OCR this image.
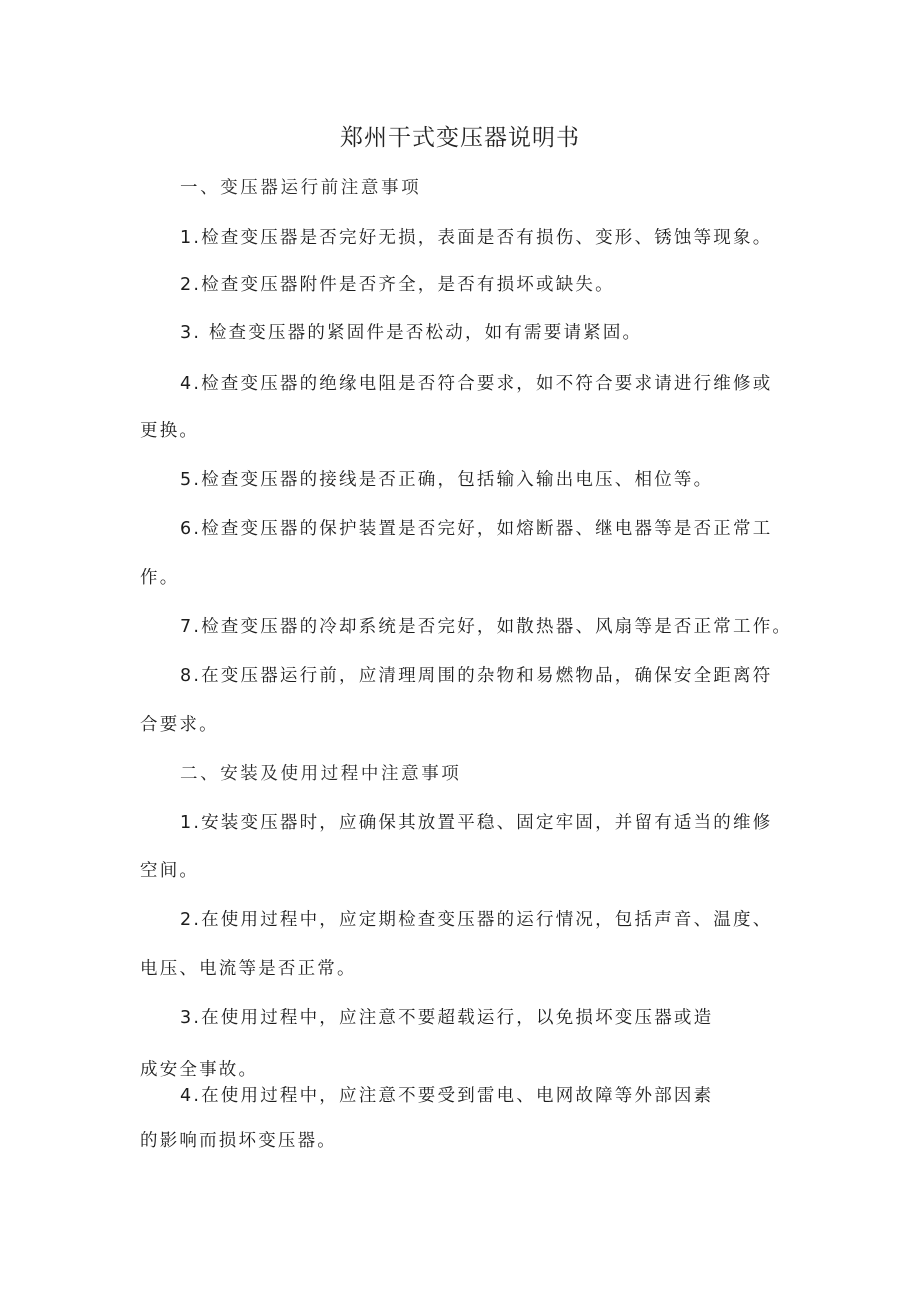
郑州干式变压器说明书
一、变压器运行前注意事项
1.检查变压器是否完好无损，表面是否有损伤、变形、锈蚀等现象。
2.检查变压器附件是否齐全，是否有损坏或缺失。
3. 检查变压器的紧固件是否松动，如有需要请紧固。
4.检查变压器的绝缘电阻是否符合要求，如不符合要求请进行维修或
更换。
5.检查变压器的接线是否正确，包括输入输出电压、相位等。
6.检查变压器的保护装置是否完好，如熔断器、继电器等是否正常工
作。
7.检查变压器的冷却系统是否完好，如散热器、风扇等是否正常工作。
8.在变压器运行前，应清理周围的杂物和易燃物品，确保安全距离符
合要求。
二、安装及使用过程中注意事项
1.安装变压器时，应确保其放置平稳、固定牢固，并留有适当的维修
空间。
2.在使用过程中，应定期检查变压器的运行情况，包括声音、温度、
电压、电流等是否正常。
3.在使用过程中，应注意不要超载运行，以免损坏变压器或造
成安全事故。
4.在使用过程中，应注意不要受到雷电、电网故障等外部因素
的影响而损坏变压器。
